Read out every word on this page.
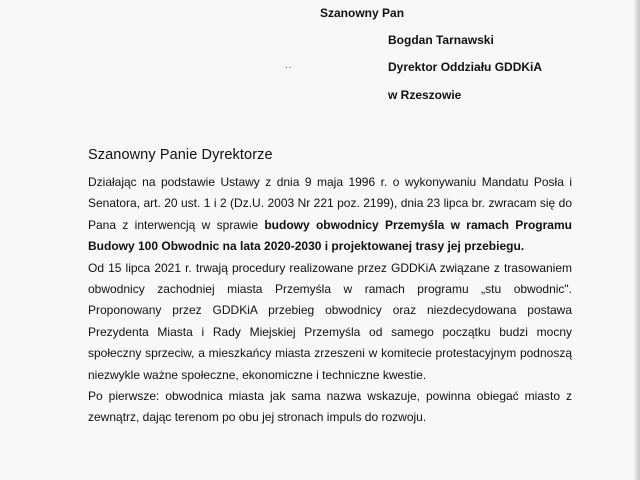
Szanowny Pan
Bogdan Tarnawski
Dyrektor Oddziału GDDKiA
w Rzeszowie
..
Szanowny Panie Dyrektorze

Działając na podstawie Ustawy z dnia 9 maja 1996 r. o wykonywaniu Mandatu Posła i Senatora, art. 20 ust. 1 i 2 (Dz.U. 2003 Nr 221 poz. 2199), dnia 23 lipca br. zwracam się do Pana z interwencją w sprawie budowy obwodnicy Przemyśla w ramach Programu Budowy 100 Obwodnic na lata 2020-2030 i projektowanej trasy jej przebiegu.

Od 15 lipca 2021 r. trwają procedury realizowane przez GDDKiA związane z trasowaniem obwodnicy zachodniej miasta Przemyśla w ramach programu „stu obwodnic". Proponowany przez GDDKiA przebieg obwodnicy oraz niezdecydowana postawa Prezydenta Miasta i Rady Miejskiej Przemyśla od samego początku budzi mocny społeczny sprzeciw, a mieszkańcy miasta zrzeszeni w komitecie protestacyjnym podnoszą niezwykle ważne społeczne, ekonomiczne i techniczne kwestie.

Po pierwsze: obwodnica miasta jak sama nazwa wskazuje, powinna obiegać miasto z zewnątrz, dając terenom po obu jej stronach impuls do rozwoju.
